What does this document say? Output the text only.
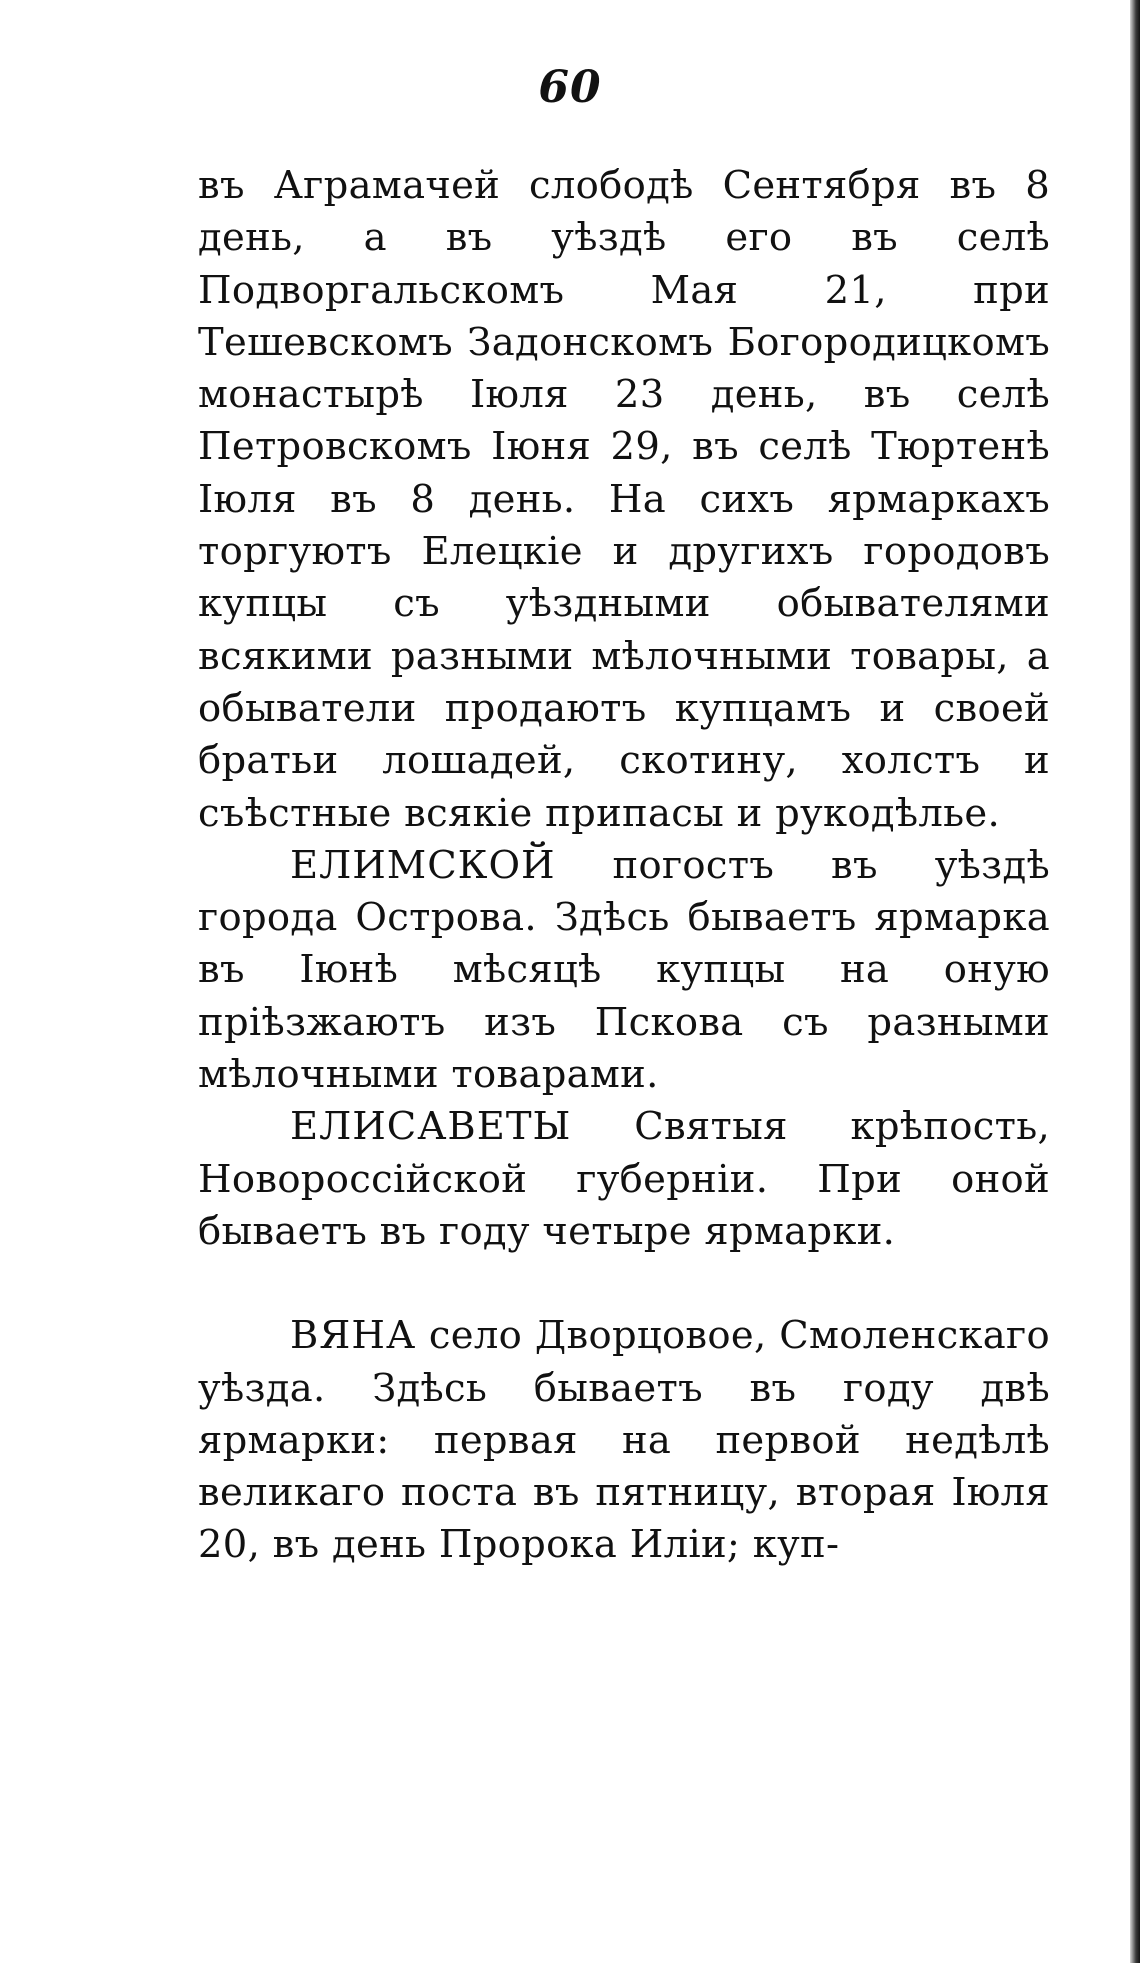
60

въ Аграмачей слободѣ Сентября въ 8 день, а въ уѣздѣ его въ селѣ Подворгальскомъ Мая 21, при Тешевскомъ Задонскомъ Богородицкомъ монастырѣ Іюля 23 день, въ селѣ Петровскомъ Іюня 29, въ селѣ Тюртенѣ Іюля въ 8 день. На сихъ ярмаркахъ торгуютъ Елецкіе и другихъ городовъ купцы съ уѣздными обывателями всякими разными мѣлочными товары, а обыватели продаютъ купцамъ и своей братьи лошадей, скотину, холстъ и съѣстные всякіе припасы и рукодѣлье.

ЕЛИМСКОЙ погостъ въ уѣздѣ города Острова. Здѣсь бываетъ ярмарка въ Іюнѣ мѣсяцѣ купцы на оную пріѣзжаютъ изъ Пскова съ разными мѣлочными товарами.

ЕЛИСАВЕТЫ Святыя крѣпость, Новороссійской губерніи. При оной бываетъ въ году четыре ярмарки.

ВЯНА село Дворцовое, Смоленскаго уѣзда. Здѣсь бываетъ въ году двѣ ярмарки: первая на первой недѣлѣ великаго поста въ пятницу, вторая Іюля 20, въ день Пророка Иліи; куп-
